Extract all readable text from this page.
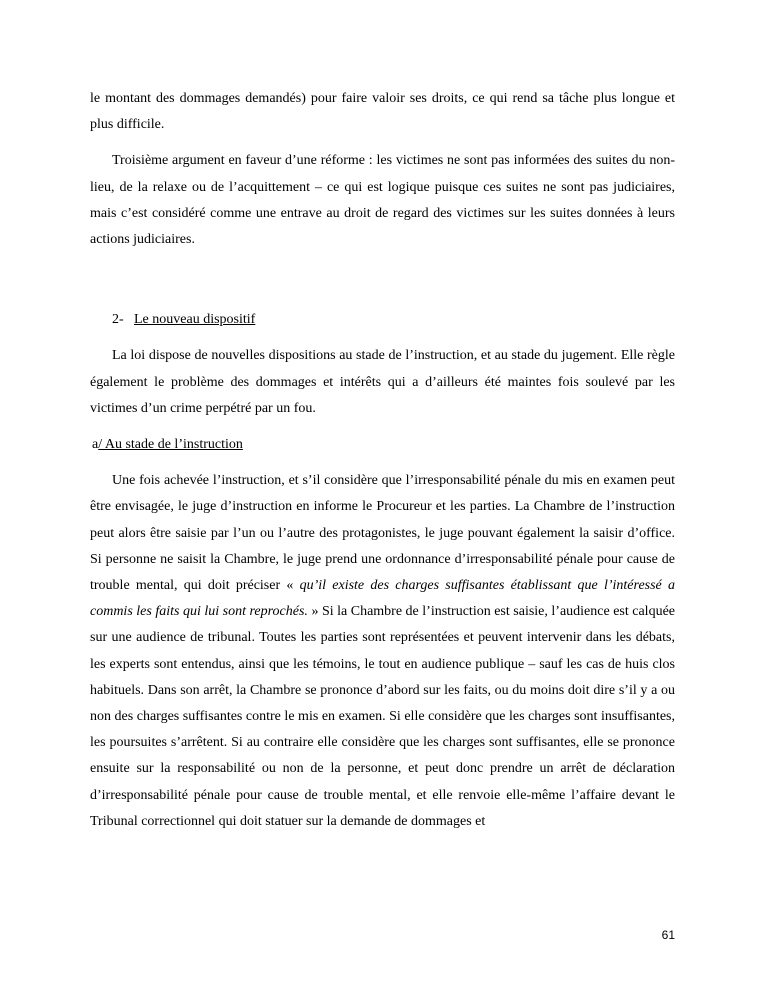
le montant des dommages demandés) pour faire valoir ses droits, ce qui rend sa tâche plus longue et plus difficile.

Troisième argument en faveur d’une réforme : les victimes ne sont pas informées des suites du non-lieu, de la relaxe ou de l’acquittement – ce qui est logique puisque ces suites ne sont pas judiciaires, mais c’est considéré comme une entrave au droit de regard des victimes sur les suites données à leurs actions judiciaires.

2- Le nouveau dispositif

La loi dispose de nouvelles dispositions au stade de l’instruction, et au stade du jugement. Elle règle également le problème des dommages et intérêts qui a d’ailleurs été maintes fois soulevé par les victimes d’un crime perpétré par un fou.

a/ Au stade de l’instruction

Une fois achevée l’instruction, et s’il considère que l’irresponsabilité pénale du mis en examen peut être envisagée, le juge d’instruction en informe le Procureur et les parties. La Chambre de l’instruction peut alors être saisie par l’un ou l’autre des protagonistes, le juge pouvant également la saisir d’office. Si personne ne saisit la Chambre, le juge prend une ordonnance d’irresponsabilité pénale pour cause de trouble mental, qui doit préciser « qu’il existe des charges suffisantes établissant que l’intéressé a commis les faits qui lui sont reprochés. » Si la Chambre de l’instruction est saisie, l’audience est calquée sur une audience de tribunal. Toutes les parties sont représentées et peuvent intervenir dans les débats, les experts sont entendus, ainsi que les témoins, le tout en audience publique – sauf les cas de huis clos habituels. Dans son arrêt, la Chambre se prononce d’abord sur les faits, ou du moins doit dire s’il y a ou non des charges suffisantes contre le mis en examen. Si elle considère que les charges sont insuffisantes, les poursuites s’arrêtent. Si au contraire elle considère que les charges sont suffisantes, elle se prononce ensuite sur la responsabilité ou non de la personne, et peut donc prendre un arrêt de déclaration d’irresponsabilité pénale pour cause de trouble mental, et elle renvoie elle-même l’affaire devant le Tribunal correctionnel qui doit statuer sur la demande de dommages et

61
